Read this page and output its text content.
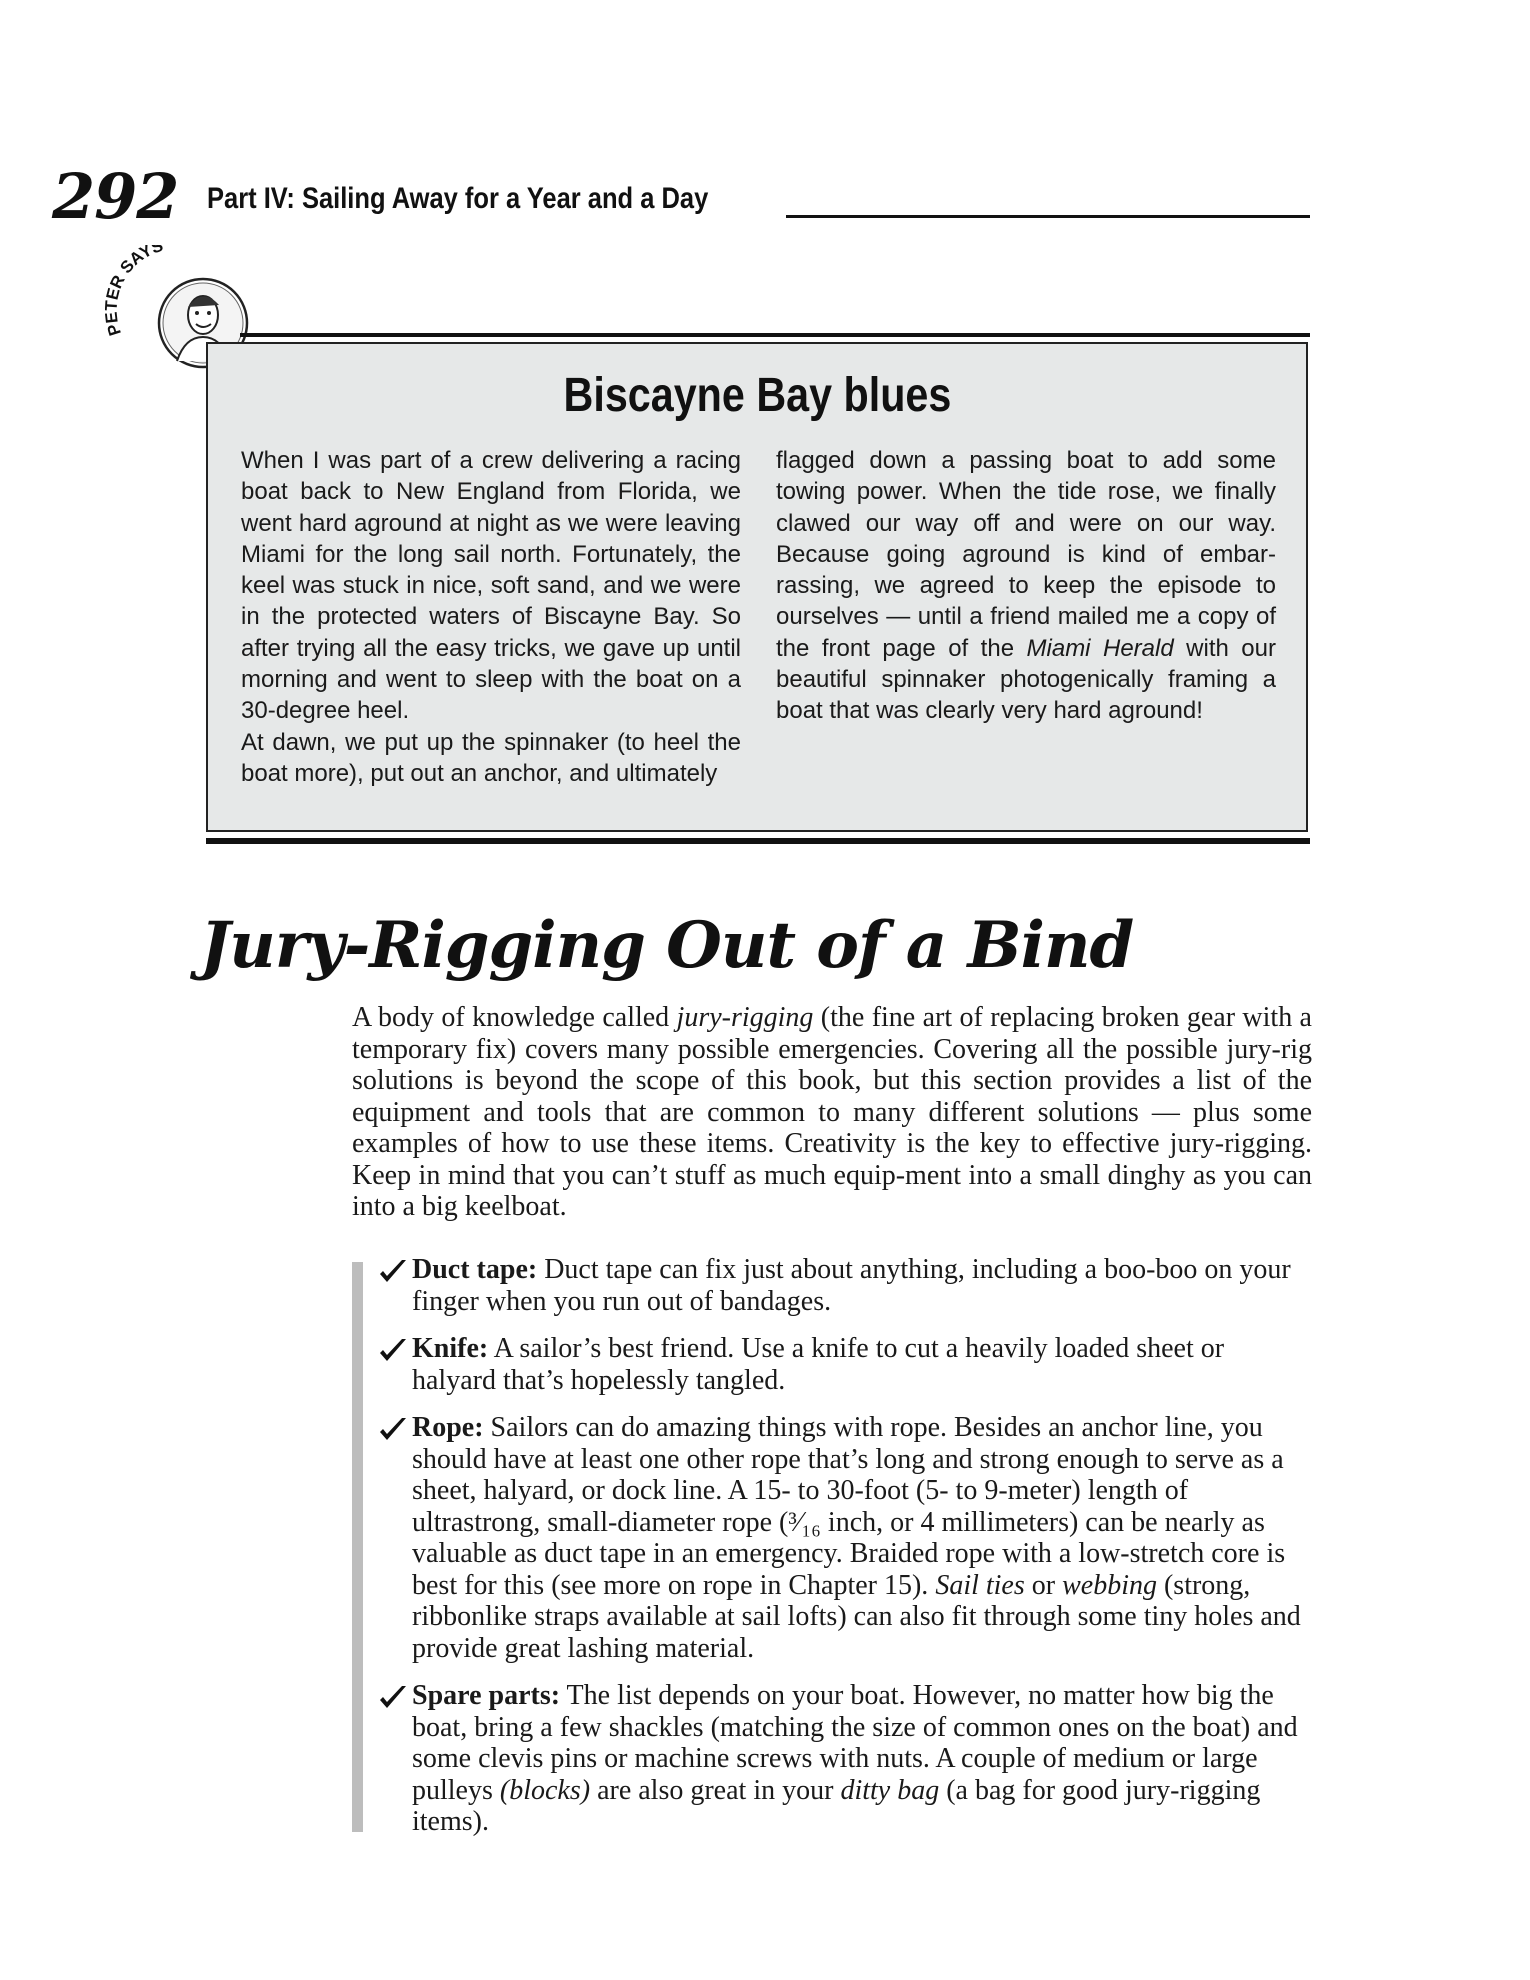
292 Part IV: Sailing Away for a Year and a Day
P R SAYS
Biscayne Bay blues

When I was part of a crew delivering a racing boat back to New England from Florida, we went hard aground at night as we were leaving Miami for the long sail north. Fortunately, the keel was stuck in nice, soft sand, and we were in the protected waters of Biscayne Bay. So after trying all the easy tricks, we gave up until morning and went to sleep with the boat on a 30-degree heel.

At dawn, we put up the spinnaker (to heel the boat more), put out an anchor, and ultimately

flagged down a passing boat to add some towing power. When the tide rose, we finally clawed our way off and were on our way. Because going aground is kind of embar-rassing, we agreed to keep the episode to ourselves — until a friend mailed me a copy of the front page of the Miami Herald with our beautiful spinnaker photogenically framing a boat that was clearly very hard aground!

Jury-Rigging Out of a Bind

A body of knowledge called jury-rigging (the fine art of replacing broken gear with a temporary fix) covers many possible emergencies. Covering all the possible jury-rig solutions is beyond the scope of this book, but this section provides a list of the equipment and tools that are common to many different solutions — plus some examples of how to use these items. Creativity is the key to effective jury-rigging. Keep in mind that you can’t stuff as much equip-ment into a small dinghy as you can into a big keelboat.

Duct tape: Duct tape can fix just about anything, including a boo-boo on your finger when you run out of bandages.
Knife: A sailor’s best friend. Use a knife to cut a heavily loaded sheet or halyard that’s hopelessly tangled.
Rope: Sailors can do amazing things with rope. Besides an anchor line, you should have at least one other rope that’s long and strong enough to serve as a sheet, halyard, or dock line. A 15- to 30-foot (5- to 9-meter) length of ultrastrong, small-diameter rope (³⁄₁₆ inch, or 4 millimeters) can be nearly as valuable as duct tape in an emergency. Braided rope with a low-stretch core is best for this (see more on rope in Chapter 15). Sail ties or webbing (strong, ribbonlike straps available at sail lofts) can also fit through some tiny holes and provide great lashing material.
Spare parts: The list depends on your boat. However, no matter how big the boat, bring a few shackles (matching the size of common ones on the boat) and some clevis pins or machine screws with nuts. A couple of medium or large pulleys (blocks) are also great in your ditty bag (a bag for good jury-rigging items).
